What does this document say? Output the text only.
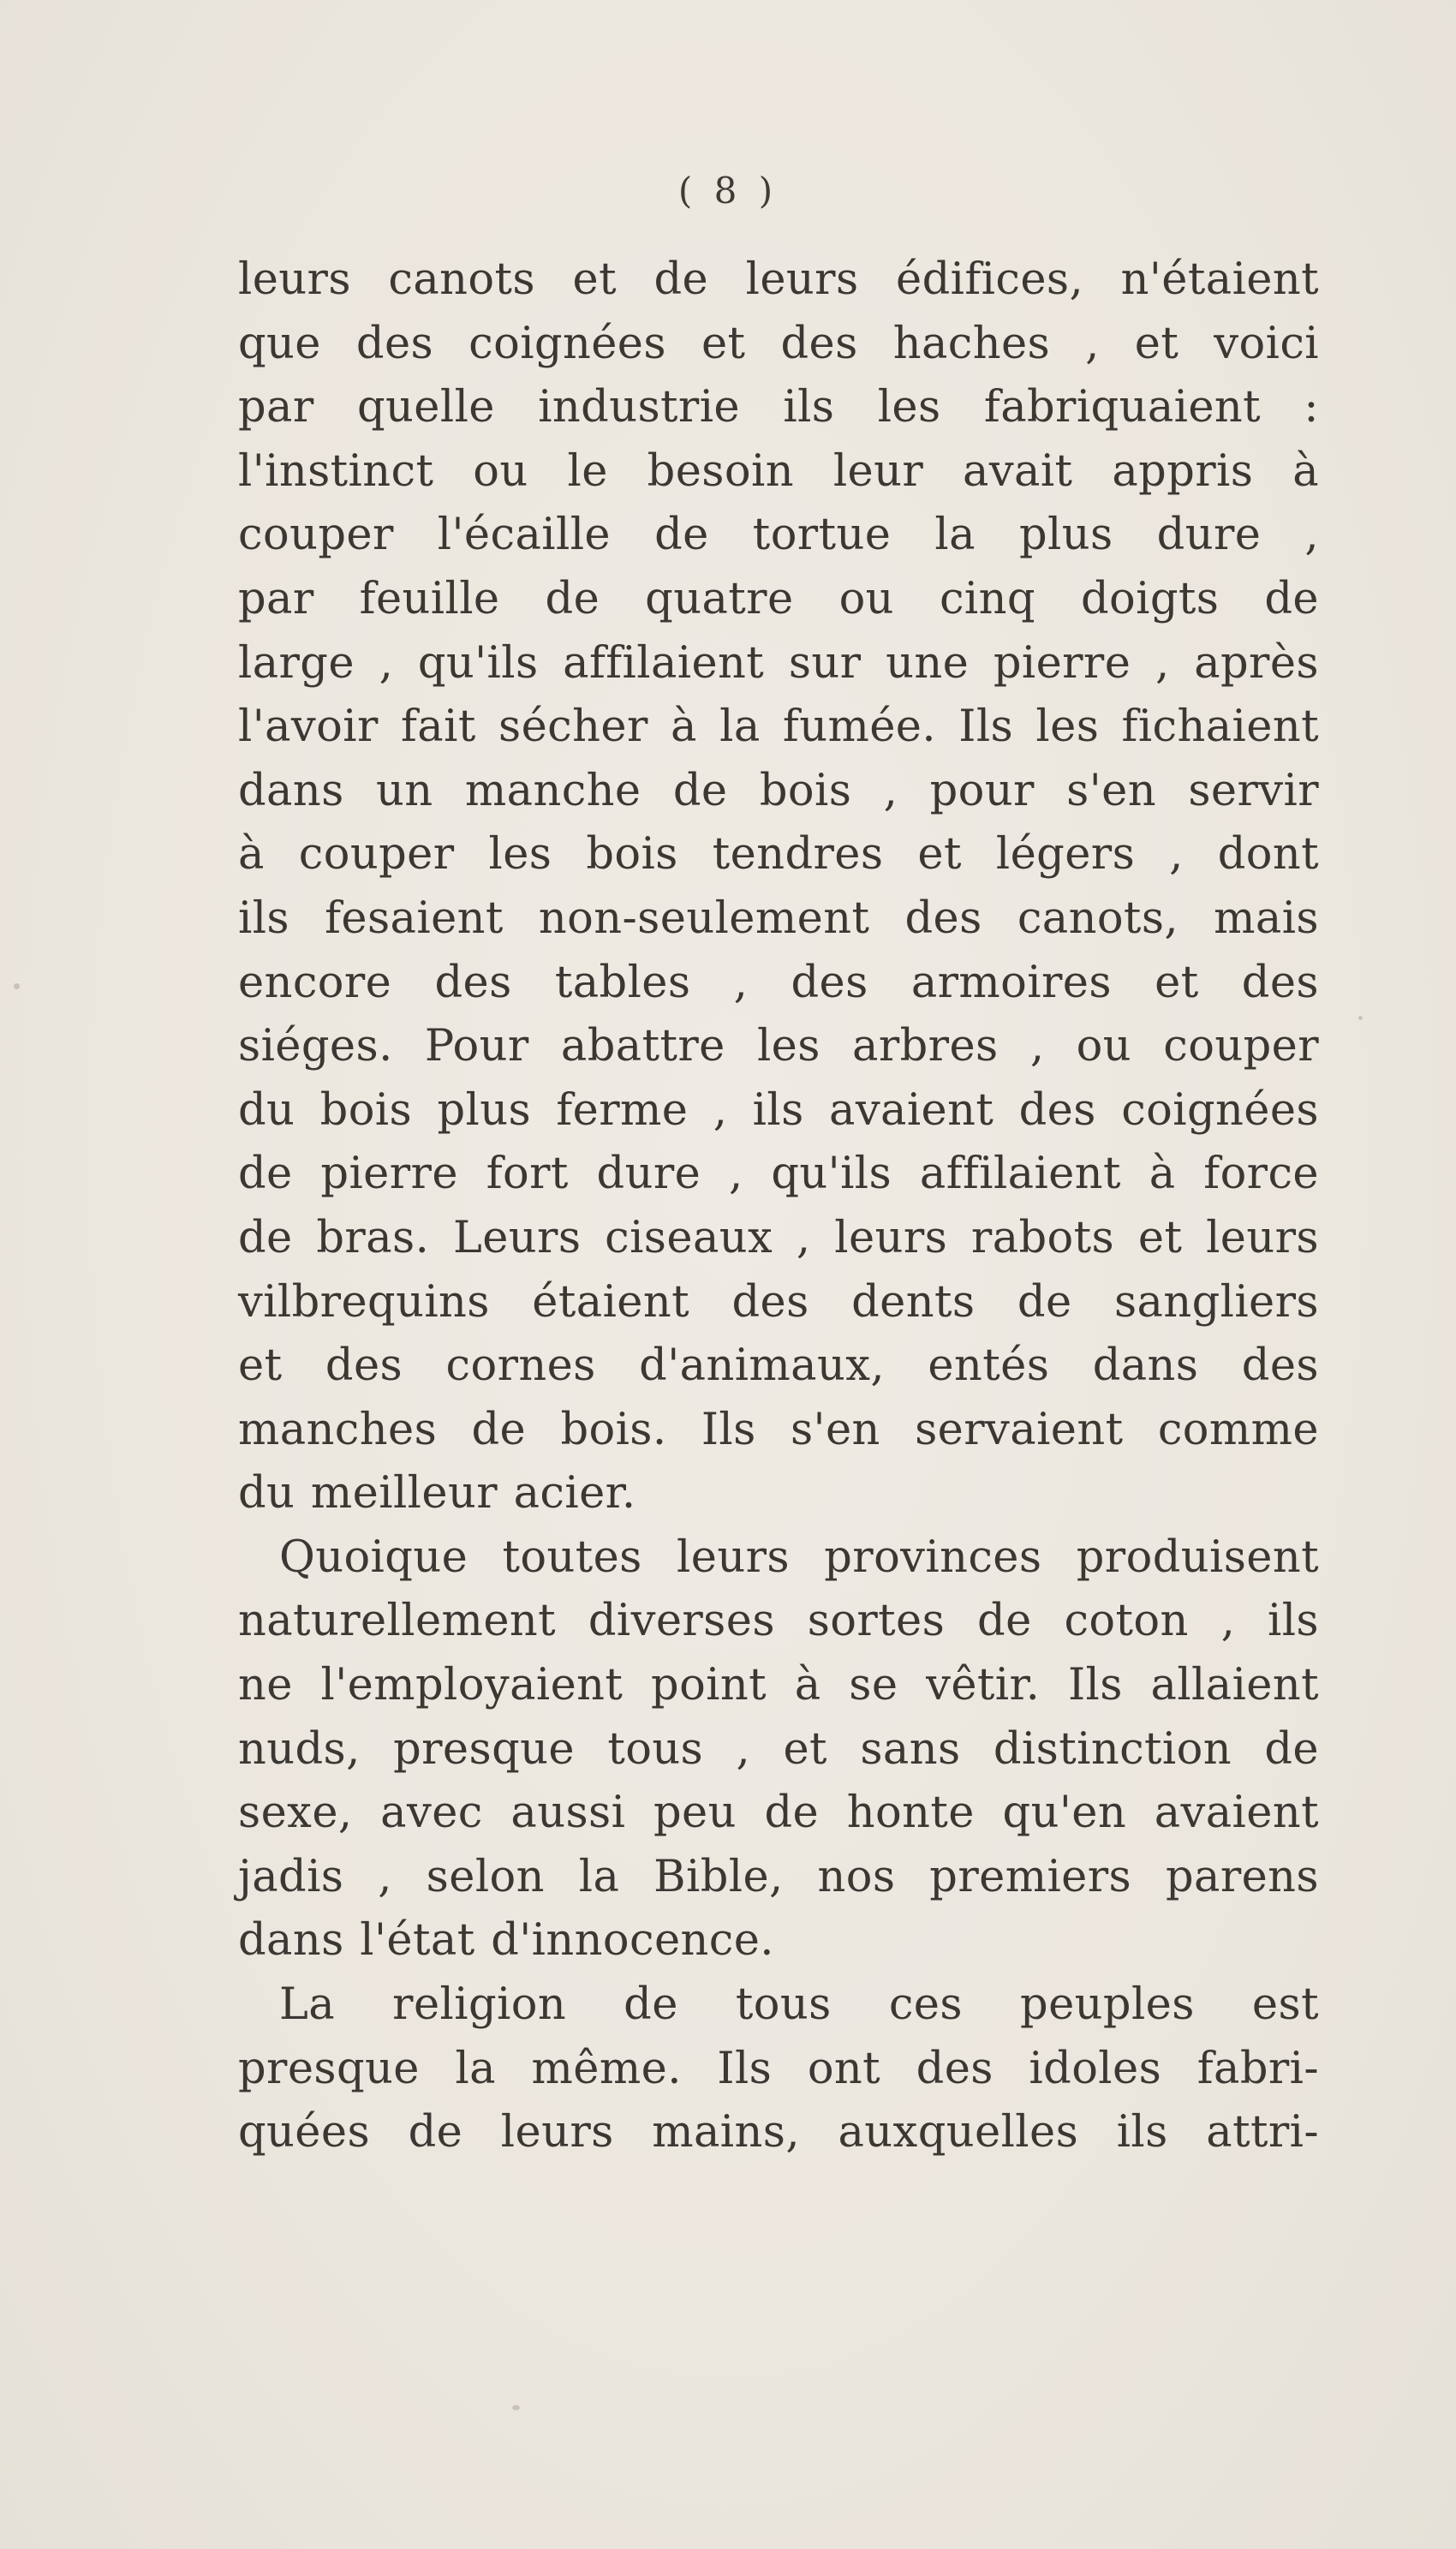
( 8 )
leurs canots et de leurs édifices, n'étaient
que des coignées et des haches , et voici
par quelle industrie ils les fabriquaient :
l'instinct ou le besoin leur avait appris à
couper l'écaille de tortue la plus dure ,
par feuille de quatre ou cinq doigts de
large , qu'ils affilaient sur une pierre , après
l'avoir fait sécher à la fumée. Ils les fichaient
dans un manche de bois , pour s'en servir
à couper les bois tendres et légers , dont
ils fesaient non-seulement des canots, mais
encore des tables , des armoires et des
siéges. Pour abattre les arbres , ou couper
du bois plus ferme , ils avaient des coignées
de pierre fort dure , qu'ils affilaient à force
de bras. Leurs ciseaux , leurs rabots et leurs
vilbrequins étaient des dents de sangliers
et des cornes d'animaux, entés dans des
manches de bois. Ils s'en servaient comme
du meilleur acier.
Quoique toutes leurs provinces produisent
naturellement diverses sortes de coton , ils
ne l'employaient point à se vêtir. Ils allaient
nuds, presque tous , et sans distinction de
sexe, avec aussi peu de honte qu'en avaient
jadis , selon la Bible, nos premiers parens
dans l'état d'innocence.
La religion de tous ces peuples est
presque la même. Ils ont des idoles fabri-
quées de leurs mains, auxquelles ils attri-
